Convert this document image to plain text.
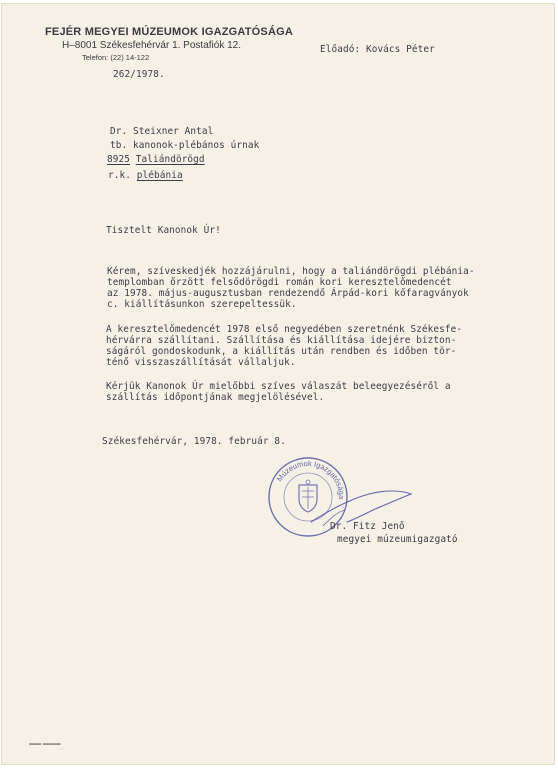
FEJÉR MEGYEI MÚZEUMOK IGAZGATÓSÁGA
H–8001 Székesfehérvár 1. Postafiók 12.
Telefon: (22) 14-122
Előadó: Kovács Péter
262/1978.
Dr. Steixner Antal
tb. kanonok-plébános úrnak
8925 Taliándörögd
r.k. plébánia
Tisztelt Kanonok Úr!
Kérem, szíveskedjék hozzájárulni, hogy a taliándörögdi plébánia-
templomban őrzött felsődörögdi román kori keresztelőmedencét
az 1978. május-augusztusban rendezendő Árpád-kori kőfaragványok
c. kiállításunkon szerepeltessük.
A keresztelőmedencét 1978 első negyedében szeretnénk Székesfe-
hérvárra szállítani. Szállítása és kiállítása idejére bizton-
ságáról gondoskodunk, a kiállítás után rendben és időben tör-
ténő visszaszállítását vállaljuk.
Kérjük Kanonok Úr mielőbbi szíves válaszát beleegyezéséről a
szállítás időpontjának megjelölésével.
Székesfehérvár, 1978. február 8.
Múzeumok Igazgatósága
Dr. Fitz Jenő
megyei múzeumigazgató
▬▬ ▬▬▬
